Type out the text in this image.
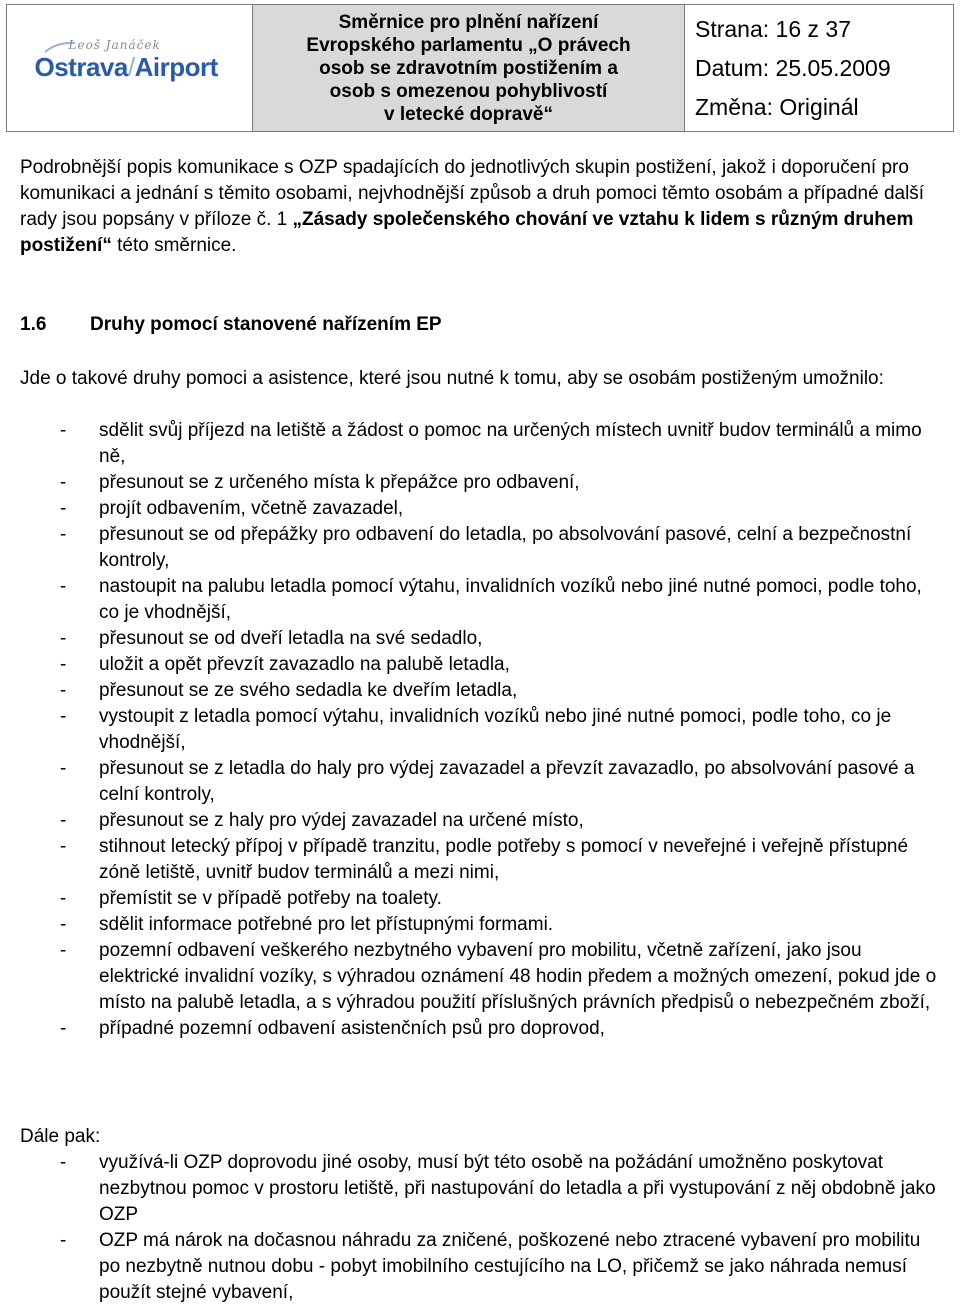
Leoš Janáček
Ostrava/Airport
Směrnice pro plnění nařízení
Evropského parlamentu „O právech
osob se zdravotním postižením a
osob s omezenou pohyblivostí
v letecké dopravě“
Strana: 16 z 37
Datum: 25.05.2009
Změna: Originál
Podrobnější popis komunikace s OZP spadajících do jednotlivých skupin postižení, jakož i doporučení pro komunikaci a jednání s těmito osobami, nejvhodnější způsob a druh pomoci těmto osobám a případné další rady jsou popsány v příloze č. 1 „Zásady společenského chování ve vztahu k lidem s různým druhem postižení“ této směrnice.
1.6 Druhy pomocí stanovené nařízením EP
Jde o takové druhy pomoci a asistence, které jsou nutné k tomu, aby se osobám postiženým umožnilo:
- sdělit svůj příjezd na letiště a žádost o pomoc na určených místech uvnitř budov terminálů a mimo ně,
- přesunout se z určeného místa k přepážce pro odbavení,
- projít odbavením, včetně zavazadel,
- přesunout se od přepážky pro odbavení do letadla, po absolvování pasové, celní a bezpečnostní kontroly,
- nastoupit na palubu letadla pomocí výtahu, invalidních vozíků nebo jiné nutné pomoci, podle toho, co je vhodnější,
- přesunout se od dveří letadla na své sedadlo,
- uložit a opět převzít zavazadlo na palubě letadla,
- přesunout se ze svého sedadla ke dveřím letadla,
- vystoupit z letadla pomocí výtahu, invalidních vozíků nebo jiné nutné pomoci, podle toho, co je vhodnější,
- přesunout se z letadla do haly pro výdej zavazadel a převzít zavazadlo, po absolvování pasové a celní kontroly,
- přesunout se z haly pro výdej zavazadel na určené místo,
- stihnout letecký přípoj v případě tranzitu, podle potřeby s pomocí v neveřejné i veřejně přístupné zóně letiště, uvnitř budov terminálů a mezi nimi,
- přemístit se v případě potřeby na toalety.
- sdělit informace potřebné pro let přístupnými formami.
- pozemní odbavení veškerého nezbytného vybavení pro mobilitu, včetně zařízení, jako jsou elektrické invalidní vozíky, s výhradou oznámení 48 hodin předem a možných omezení, pokud jde o místo na palubě letadla, a s výhradou použití příslušných právních předpisů o nebezpečném zboží,
- případné pozemní odbavení asistenčních psů pro doprovod,
Dále pak:
- využívá-li OZP doprovodu jiné osoby, musí být této osobě na požádání umožněno poskytovat nezbytnou pomoc v prostoru letiště, při nastupování do letadla a při vystupování z něj obdobně jako OZP
- OZP má nárok na dočasnou náhradu za zničené, poškozené nebo ztracené vybavení pro mobilitu po nezbytně nutnou dobu - pobyt imobilního cestujícího na LO, přičemž se jako náhrada nemusí použít stejné vybavení,
